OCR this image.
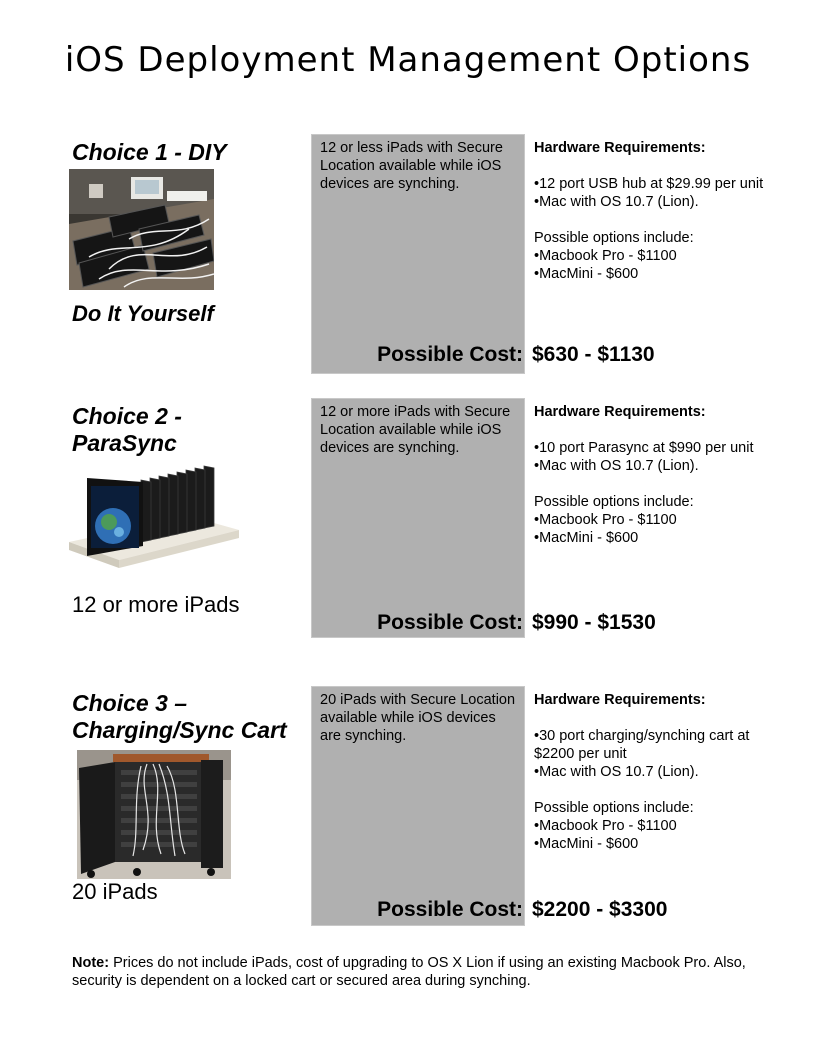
iOS Deployment Management Options
Choice 1 - DIY
Do It Yourself
12 or less iPads with Secure Location available while iOS devices are synching.
Hardware Requirements:
•12 port USB hub at $29.99 per unit
•Mac with OS 10.7 (Lion).
Possible options include:
•Macbook Pro - $1100
•MacMini - $600
Possible Cost: $630 - $1130
Choice 2 - ParaSync
12 or more iPads
12 or more iPads with Secure Location available while iOS devices are synching.
Hardware Requirements:
•10 port Parasync at $990 per unit
•Mac with OS 10.7 (Lion).
Possible options include:
•Macbook Pro - $1100
•MacMini - $600
Possible Cost: $990 - $1530
Choice 3 – Charging/Sync Cart
20 iPads
20 iPads with Secure Location available while iOS devices are synching.
Hardware Requirements:
•30 port charging/synching cart at $2200 per unit
•Mac with OS 10.7 (Lion).
Possible options include:
•Macbook Pro - $1100
•MacMini - $600
Possible Cost: $2200 - $3300
Note: Prices do not include iPads, cost of upgrading to OS X Lion if using an existing Macbook Pro. Also, security is dependent on a locked cart or secured area during synching.
